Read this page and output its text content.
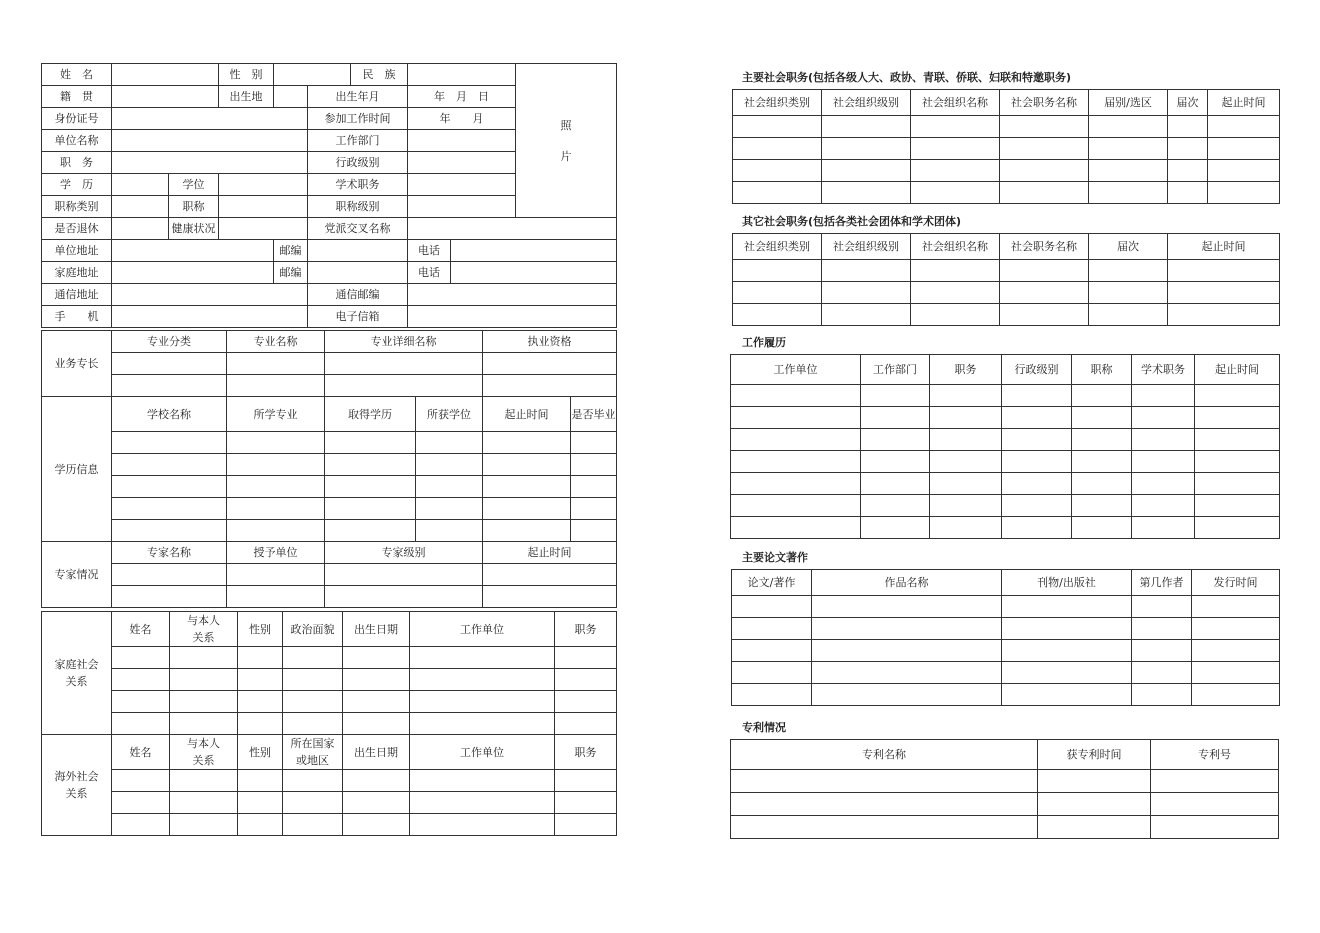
姓　名			性　别			民　族			照
片

籍　贯			出生地		出生年月		年　月　日		
身份证号					参加工作时间		年　　月		
单位名称					工作部门				
职　务					行政级别				
学　历		学位			学术职务				
职称类别		职称			职称级别				
是否退休		健康状况			党派交叉名称				
单位地址				邮编			电话		
家庭地址				邮编			电话		
通信地址					通信邮编				
手　　机					电子信箱				
业务专长	专业分类	专业名称	专业详细名称		执业资格	

学历信息	学校名称	所学专业	取得学历	所获学位	起止时间	是否毕业

专家情况	专家名称	授予单位	专家级别		起止时间	

家庭社会关系	姓名	与本人关系	性别	政治面貌	出生日期	工作单位	职务

海外社会关系	姓名	与本人关系	性别	所在国家或地区	出生日期	工作单位	职务

主要社会职务(包括各级人大、政协、青联、侨联、妇联和特邀职务)
社会组织类别	社会组织级别	社会组织名称	社会职务名称	届别/选区	届次	起止时间

其它社会职务(包括各类社会团体和学术团体)
社会组织类别	社会组织级别	社会组织名称	社会职务名称	届次	起止时间

工作履历
工作单位	工作部门	职务	行政级别	职称	学术职务	起止时间

主要论文著作
论文/著作	作品名称	刊物/出版社	第几作者	发行时间

专利情况
专利名称	获专利时间	专利号
